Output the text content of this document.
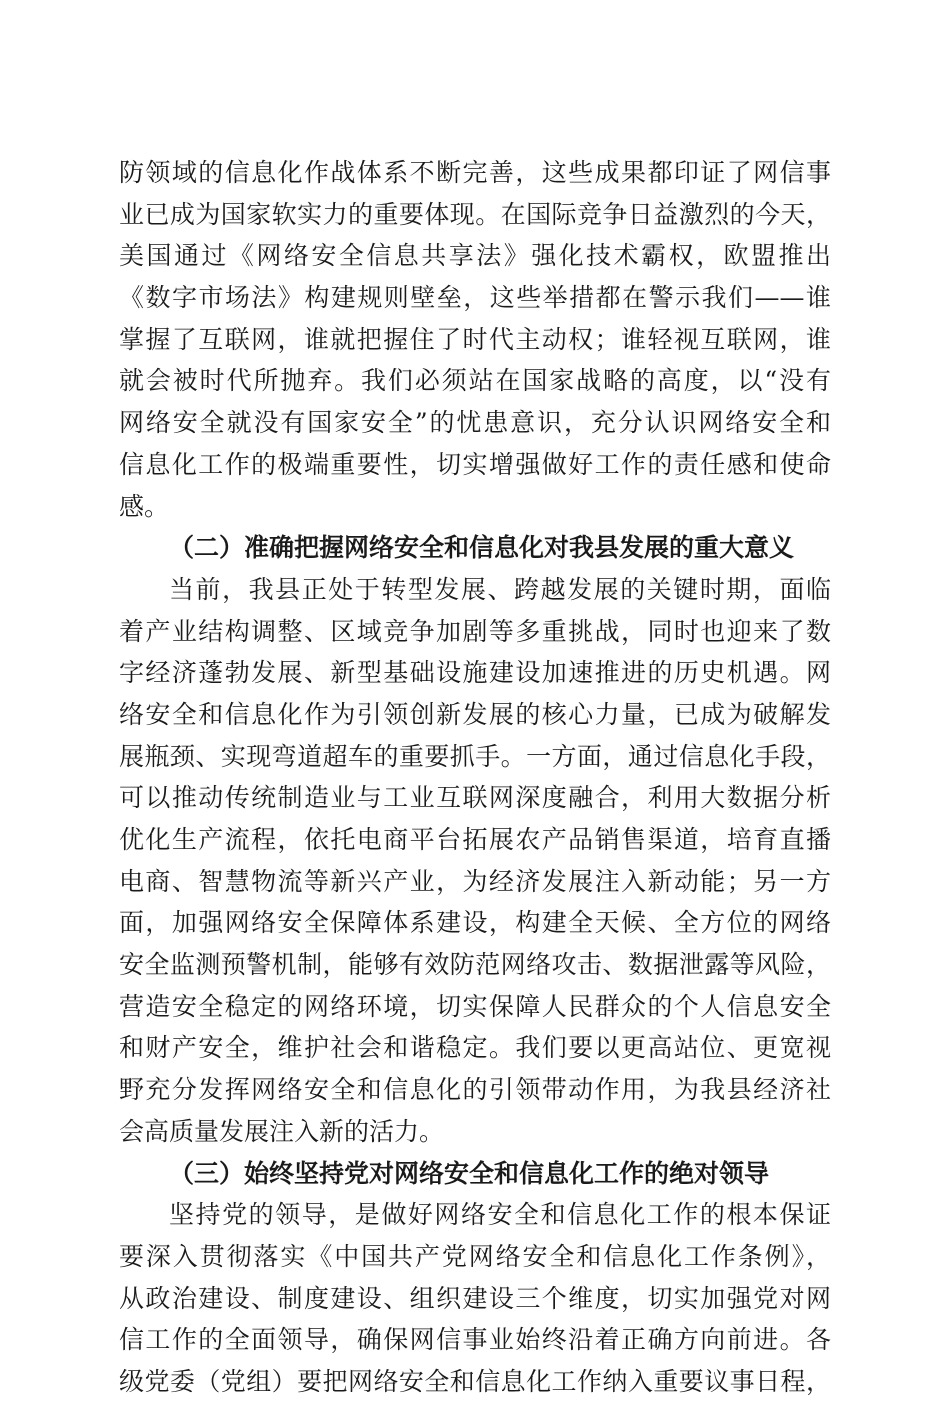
防领域的信息化作战体系不断完善，这些成果都印证了网信事
业已成为国家软实力的重要体现。在国际竞争日益激烈的今天，
美国通过《网络安全信息共享法》强化技术霸权，欧盟推出
《数字市场法》构建规则壁垒，这些举措都在警示我们——谁
掌握了互联网，谁就把握住了时代主动权；谁轻视互联网，谁
就会被时代所抛弃。我们必须站在国家战略的高度，以“没有
网络安全就没有国家安全”的忧患意识，充分认识网络安全和
信息化工作的极端重要性，切实增强做好工作的责任感和使命
感。
（二）准确把握网络安全和信息化对我县发展的重大意义
当前，我县正处于转型发展、跨越发展的关键时期，面临
着产业结构调整、区域竞争加剧等多重挑战，同时也迎来了数
字经济蓬勃发展、新型基础设施建设加速推进的历史机遇。网
络安全和信息化作为引领创新发展的核心力量，已成为破解发
展瓶颈、实现弯道超车的重要抓手。一方面，通过信息化手段，
可以推动传统制造业与工业互联网深度融合，利用大数据分析
优化生产流程，依托电商平台拓展农产品销售渠道，培育直播
电商、智慧物流等新兴产业，为经济发展注入新动能；另一方
面，加强网络安全保障体系建设，构建全天候、全方位的网络
安全监测预警机制，能够有效防范网络攻击、数据泄露等风险，
营造安全稳定的网络环境，切实保障人民群众的个人信息安全
和财产安全，维护社会和谐稳定。我们要以更高站位、更宽视
野充分发挥网络安全和信息化的引领带动作用，为我县经济社
会高质量发展注入新的活力。
（三）始终坚持党对网络安全和信息化工作的绝对领导
坚持党的领导，是做好网络安全和信息化工作的根本保证
要深入贯彻落实《中国共产党网络安全和信息化工作条例》，
从政治建设、制度建设、组织建设三个维度，切实加强党对网
信工作的全面领导，确保网信事业始终沿着正确方向前进。各
级党委（党组）要把网络安全和信息化工作纳入重要议事日程，
